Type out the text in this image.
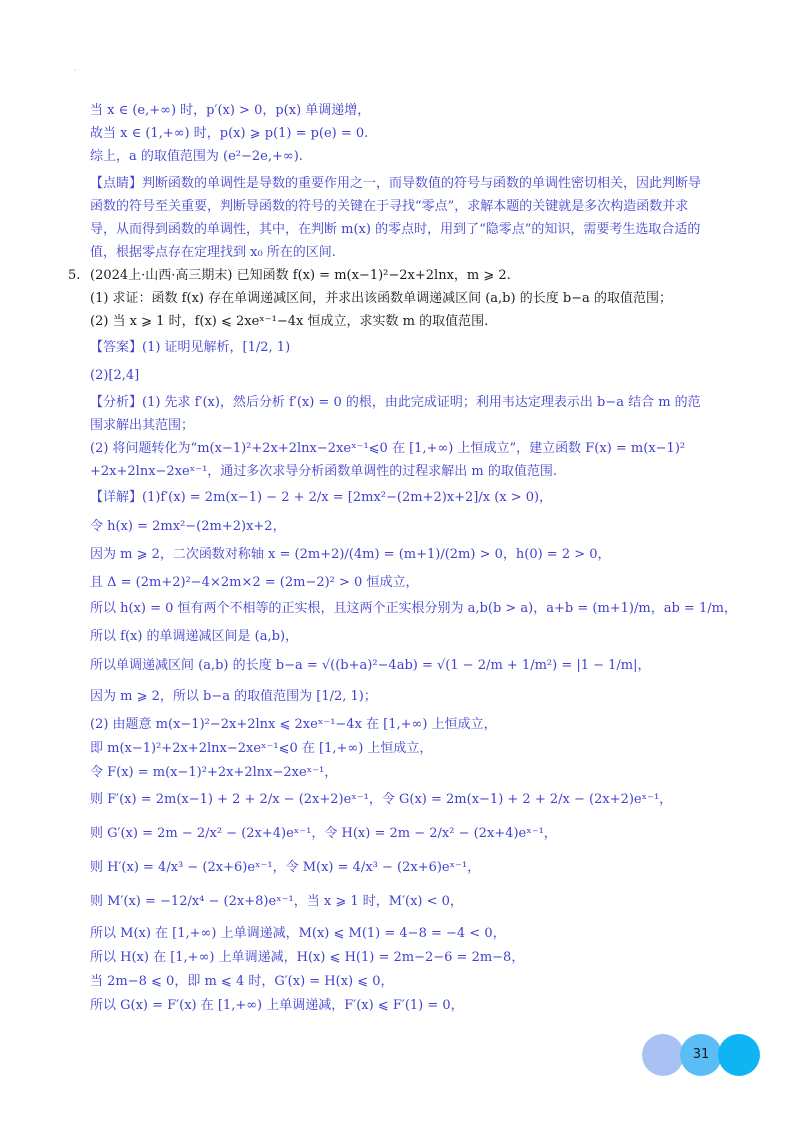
·
当 x ∈ (e,+∞) 时，p′(x) > 0，p(x) 单调递增，
故当 x ∈ (1,+∞) 时，p(x) ⩾ p(1) = p(e) = 0.
综上，a 的取值范围为 (e²−2e,+∞).
【点睛】判断函数的单调性是导数的重要作用之一，而导数值的符号与函数的单调性密切相关，因此判断导函数的符号至关重要，判断导函数的符号的关键在于寻找“零点”，求解本题的关键就是多次构造函数并求导，从而得到函数的单调性，其中，在判断 m(x) 的零点时，用到了“隐零点”的知识，需要考生选取合适的值，根据零点存在定理找到 x₀ 所在的区间.
5. (2024上·山西·高三期末) 已知函数 f(x) = m(x−1)²−2x+2lnx，m ⩾ 2.
(1) 求证：函数 f(x) 存在单调递减区间，并求出该函数单调递减区间 (a,b) 的长度 b−a 的取值范围；
(2) 当 x ⩾ 1 时，f(x) ⩽ 2xeˣ⁻¹−4x 恒成立，求实数 m 的取值范围.
【答案】(1) 证明见解析，[1/2, 1)
(2)[2,4]
【分析】(1) 先求 f′(x)，然后分析 f′(x) = 0 的根，由此完成证明；利用韦达定理表示出 b−a 结合 m 的范围求解出其范围；
(2) 将问题转化为“m(x−1)²+2x+2lnx−2xeˣ⁻¹⩽0 在 [1,+∞) 上恒成立”，建立函数 F(x) = m(x−1)² +2x+2lnx−2xeˣ⁻¹，通过多次求导分析函数单调性的过程求解出 m 的取值范围.
【详解】(1)f′(x) = 2m(x−1) − 2 + 2/x = [2mx²−(2m+2)x+2]/x (x > 0)，
令 h(x) = 2mx²−(2m+2)x+2，
因为 m ⩾ 2，二次函数对称轴 x = (2m+2)/(4m) = (m+1)/(2m) > 0，h(0) = 2 > 0，
且 Δ = (2m+2)²−4×2m×2 = (2m−2)² > 0 恒成立，
所以 h(x) = 0 恒有两个不相等的正实根，且这两个正实根分别为 a,b(b > a)，a+b = (m+1)/m，ab = 1/m，
所以 f(x) 的单调递减区间是 (a,b)，
所以单调递减区间 (a,b) 的长度 b−a = √((b+a)²−4ab) = √(1 − 2/m + 1/m²) = |1 − 1/m|，
因为 m ⩾ 2，所以 b−a 的取值范围为 [1/2, 1)；
(2) 由题意 m(x−1)²−2x+2lnx ⩽ 2xeˣ⁻¹−4x 在 [1,+∞) 上恒成立，
即 m(x−1)²+2x+2lnx−2xeˣ⁻¹⩽0 在 [1,+∞) 上恒成立，
令 F(x) = m(x−1)²+2x+2lnx−2xeˣ⁻¹，
则 F′(x) = 2m(x−1) + 2 + 2/x − (2x+2)eˣ⁻¹，令 G(x) = 2m(x−1) + 2 + 2/x − (2x+2)eˣ⁻¹，
则 G′(x) = 2m − 2/x² − (2x+4)eˣ⁻¹，令 H(x) = 2m − 2/x² − (2x+4)eˣ⁻¹，
则 H′(x) = 4/x³ − (2x+6)eˣ⁻¹，令 M(x) = 4/x³ − (2x+6)eˣ⁻¹，
则 M′(x) = −12/x⁴ − (2x+8)eˣ⁻¹，当 x ⩾ 1 时，M′(x) < 0，
所以 M(x) 在 [1,+∞) 上单调递减，M(x) ⩽ M(1) = 4−8 = −4 < 0，
所以 H(x) 在 [1,+∞) 上单调递减，H(x) ⩽ H(1) = 2m−2−6 = 2m−8，
当 2m−8 ⩽ 0，即 m ⩽ 4 时，G′(x) = H(x) ⩽ 0，
所以 G(x) = F′(x) 在 [1,+∞) 上单调递减，F′(x) ⩽ F′(1) = 0，
31
